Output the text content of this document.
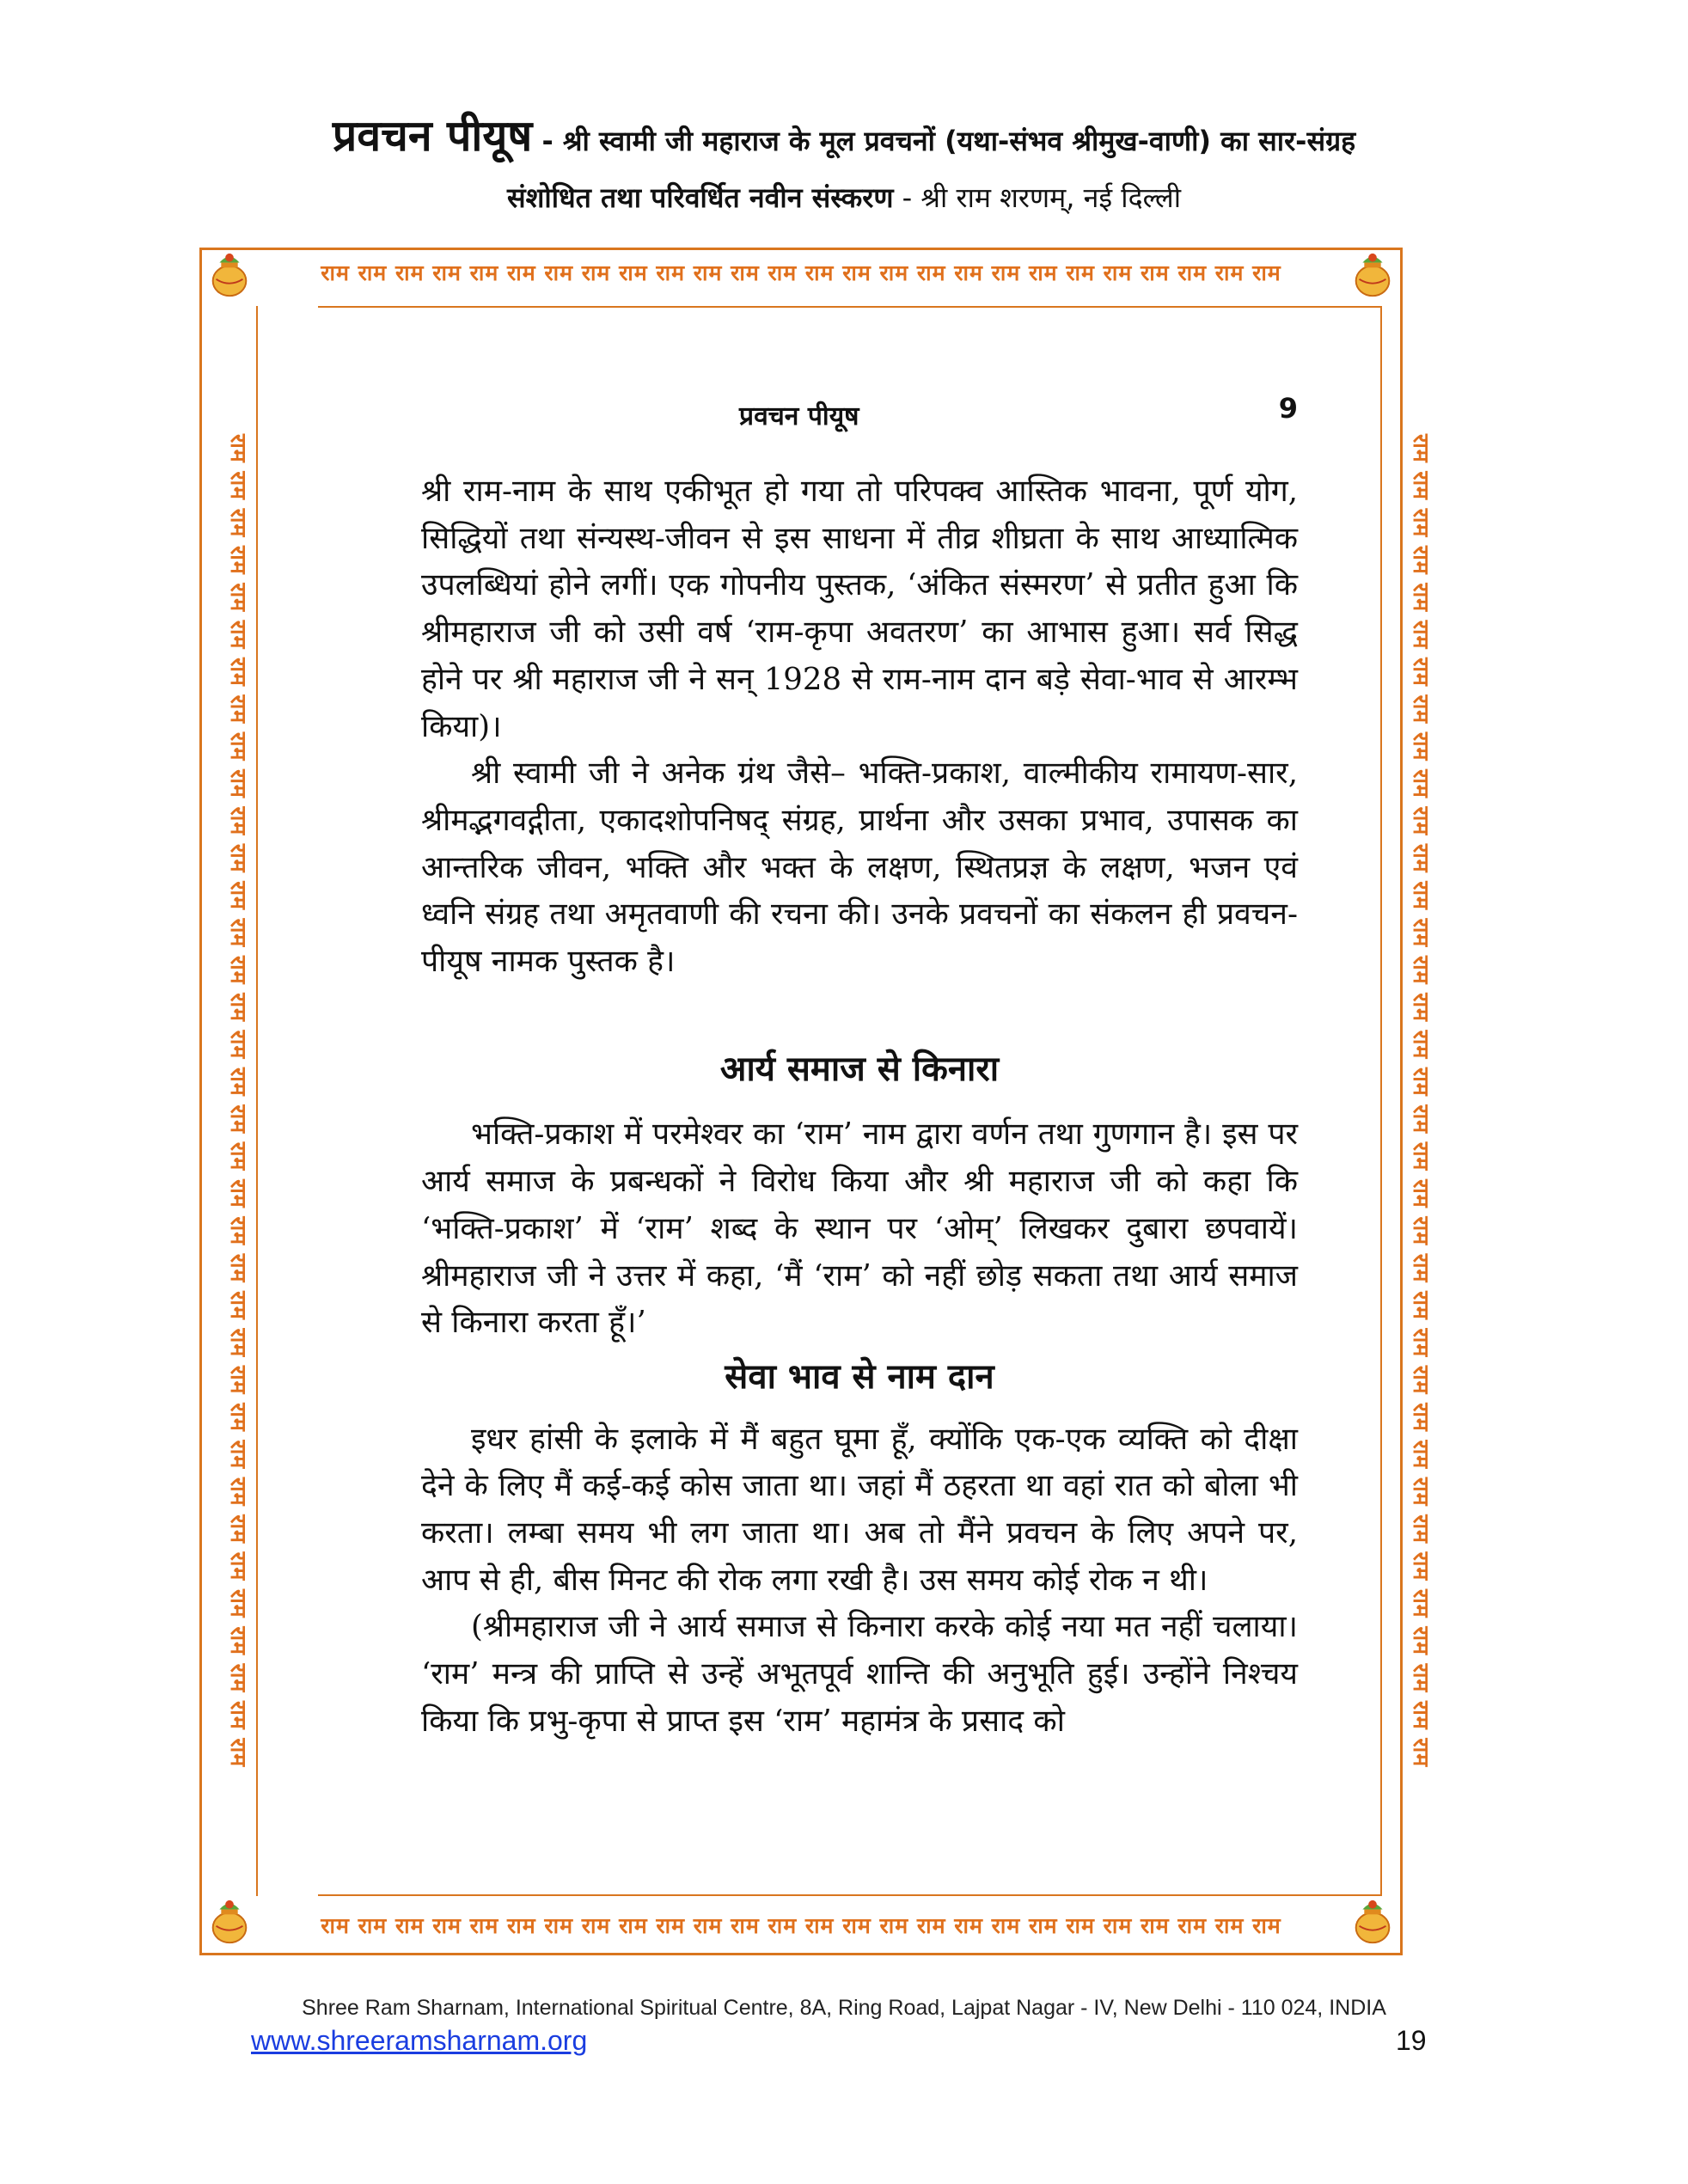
प्रवचन पीयूष - श्री स्वामी जी महाराज के मूल प्रवचनों (यथा-संभव श्रीमुख-वाणी) का सार-संग्रह
संशोधित तथा परिवर्धित नवीन संस्करण - श्री राम शरणम्, नई दिल्ली
राम राम राम राम राम राम राम राम राम राम राम राम राम राम राम राम राम राम राम राम राम राम राम राम राम राम
राम राम राम राम राम राम राम राम राम राम राम राम राम राम राम राम राम राम राम राम राम राम राम राम राम राम
राम राम राम राम राम राम राम राम राम राम राम राम राम राम राम राम राम राम राम राम राम राम राम राम राम राम राम राम राम राम राम राम राम राम राम राम	राम राम राम राम राम राम राम राम राम राम राम राम राम राम राम राम राम राम राम राम राम राम राम राम राम राम राम राम राम राम राम राम राम राम राम राम
प्रवचन पीयूष	9

श्री राम-नाम के साथ एकीभूत हो गया तो परिपक्व आस्तिक भावना, पूर्ण योग, सिद्धियों तथा संन्यस्थ-जीवन से इस साधना में तीव्र शीघ्रता के साथ आध्यात्मिक उपलब्धियां होने लगीं। एक गोपनीय पुस्तक, ‘अंकित संस्मरण’ से प्रतीत हुआ कि श्रीमहाराज जी को उसी वर्ष ‘राम-कृपा अवतरण’ का आभास हुआ। सर्व सिद्ध होने पर श्री महाराज जी ने सन् 1928 से राम-नाम दान बड़े सेवा-भाव से आरम्भ किया)।

श्री स्वामी जी ने अनेक ग्रंथ जैसे– भक्ति-प्रकाश, वाल्मीकीय रामायण-सार, श्रीमद्भगवद्गीता, एकादशोपनिषद् संग्रह, प्रार्थना और उसका प्रभाव, उपासक का आन्तरिक जीवन, भक्ति और भक्त के लक्षण, स्थितप्रज्ञ के लक्षण, भजन एवं ध्वनि संग्रह तथा अमृतवाणी की रचना की। उनके प्रवचनों का संकलन ही प्रवचन-पीयूष नामक पुस्तक है।

आर्य समाज से किनारा

भक्ति-प्रकाश में परमेश्वर का ‘राम’ नाम द्वारा वर्णन तथा गुणगान है। इस पर आर्य समाज के प्रबन्धकों ने विरोध किया और श्री महाराज जी को कहा कि ‘भक्ति-प्रकाश’ में ‘राम’ शब्द के स्थान पर ‘ओम्’ लिखकर दुबारा छपवायें। श्रीमहाराज जी ने उत्तर में कहा, ‘मैं ‘राम’ को नहीं छोड़ सकता तथा आर्य समाज से किनारा करता हूँ।’

सेवा भाव से नाम दान

इधर हांसी के इलाके में मैं बहुत घूमा हूँ, क्योंकि एक-एक व्यक्ति को दीक्षा देने के लिए मैं कई-कई कोस जाता था। जहां मैं ठहरता था वहां रात को बोला भी करता। लम्बा समय भी लग जाता था। अब तो मैंने प्रवचन के लिए अपने पर, आप से ही, बीस मिनट की रोक लगा रखी है। उस समय कोई रोक न थी।

(श्रीमहाराज जी ने आर्य समाज से किनारा करके कोई नया मत नहीं चलाया। ‘राम’ मन्त्र की प्राप्ति से उन्हें अभूतपूर्व शान्ति की अनुभूति हुई। उन्होंने निश्चय किया कि प्रभु-कृपा से प्राप्त इस ‘राम’ महामंत्र के प्रसाद को

Shree Ram Sharnam, International Spiritual Centre, 8A, Ring Road, Lajpat Nagar - IV, New Delhi - 110 024, INDIA
www.shreeramsharnam.org	19
